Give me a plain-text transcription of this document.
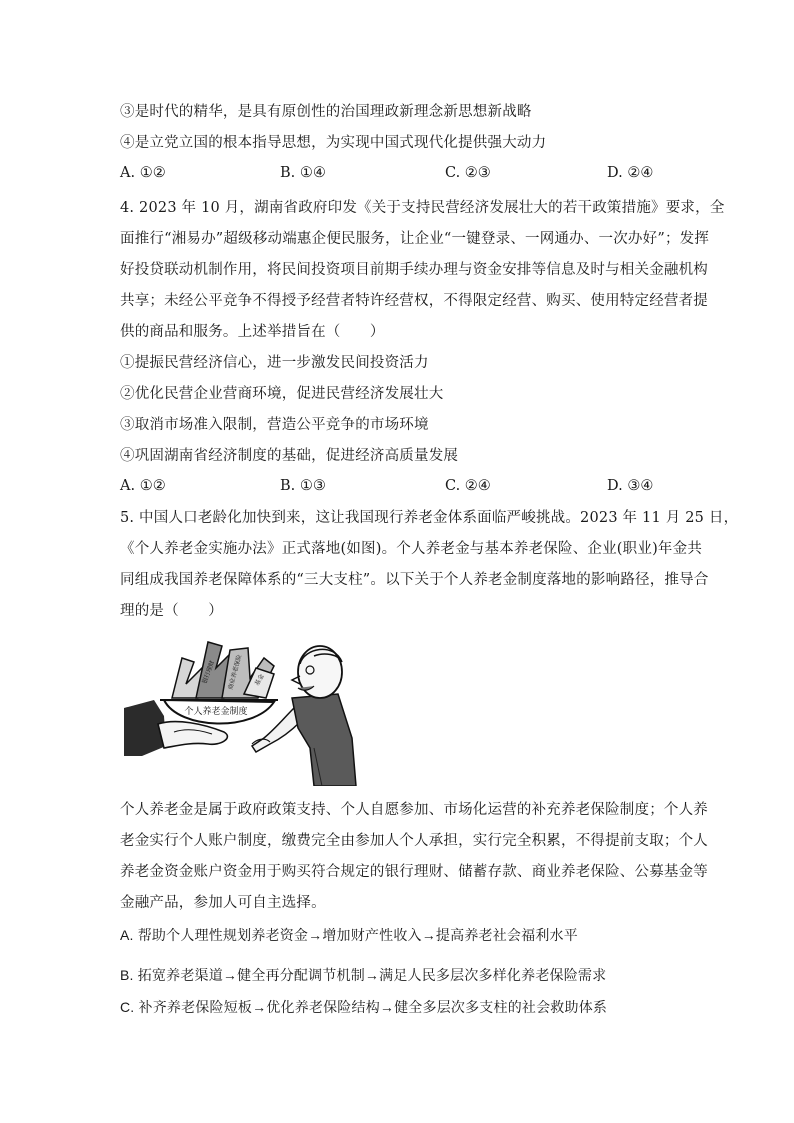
③是时代的精华，是具有原创性的治国理政新理念新思想新战略
④是立党立国的根本指导思想，为实现中国式现代化提供强大动力
A. ①②	B. ①④	C. ②③	D. ②④
4. 2023 年 10 月，湖南省政府印发《关于支持民营经济发展壮大的若干政策措施》要求，全
面推行“湘易办”超级移动端惠企便民服务，让企业“一键登录、一网通办、一次办好”；发挥
好投贷联动机制作用，将民间投资项目前期手续办理与资金安排等信息及时与相关金融机构
共享；未经公平竞争不得授予经营者特许经营权，不得限定经营、购买、使用特定经营者提
供的商品和服务。上述举措旨在（　　）
①提振民营经济信心，进一步激发民间投资活力
②优化民营企业营商环境，促进民营经济发展壮大
③取消市场准入限制，营造公平竞争的市场环境
④巩固湖南省经济制度的基础，促进经济高质量发展
A. ①②	B. ①③	C. ②④	D. ③④
5. 中国人口老龄化加快到来，这让我国现行养老金体系面临严峻挑战。2023 年 11 月 25 日，
《个人养老金实施办法》正式落地(如图)。个人养老金与基本养老保险、企业(职业)年金共
同组成我国养老保障体系的“三大支柱”。以下关于个人养老金制度落地的影响路径，推导合
理的是（　　）
个人养老金制度
银行理财 商业养老保险 基金
个人养老金是属于政府政策支持、个人自愿参加、市场化运营的补充养老保险制度；个人养
老金实行个人账户制度，缴费完全由参加人个人承担，实行完全积累，不得提前支取；个人
养老金资金账户资金用于购买符合规定的银行理财、储蓄存款、商业养老保险、公募基金等
金融产品，参加人可自主选择。
A. 帮助个人理性规划养老资金→增加财产性收入→提高养老社会福利水平
B. 拓宽养老渠道→健全再分配调节机制→满足人民多层次多样化养老保险需求
C. 补齐养老保险短板→优化养老保险结构→健全多层次多支柱的社会救助体系
